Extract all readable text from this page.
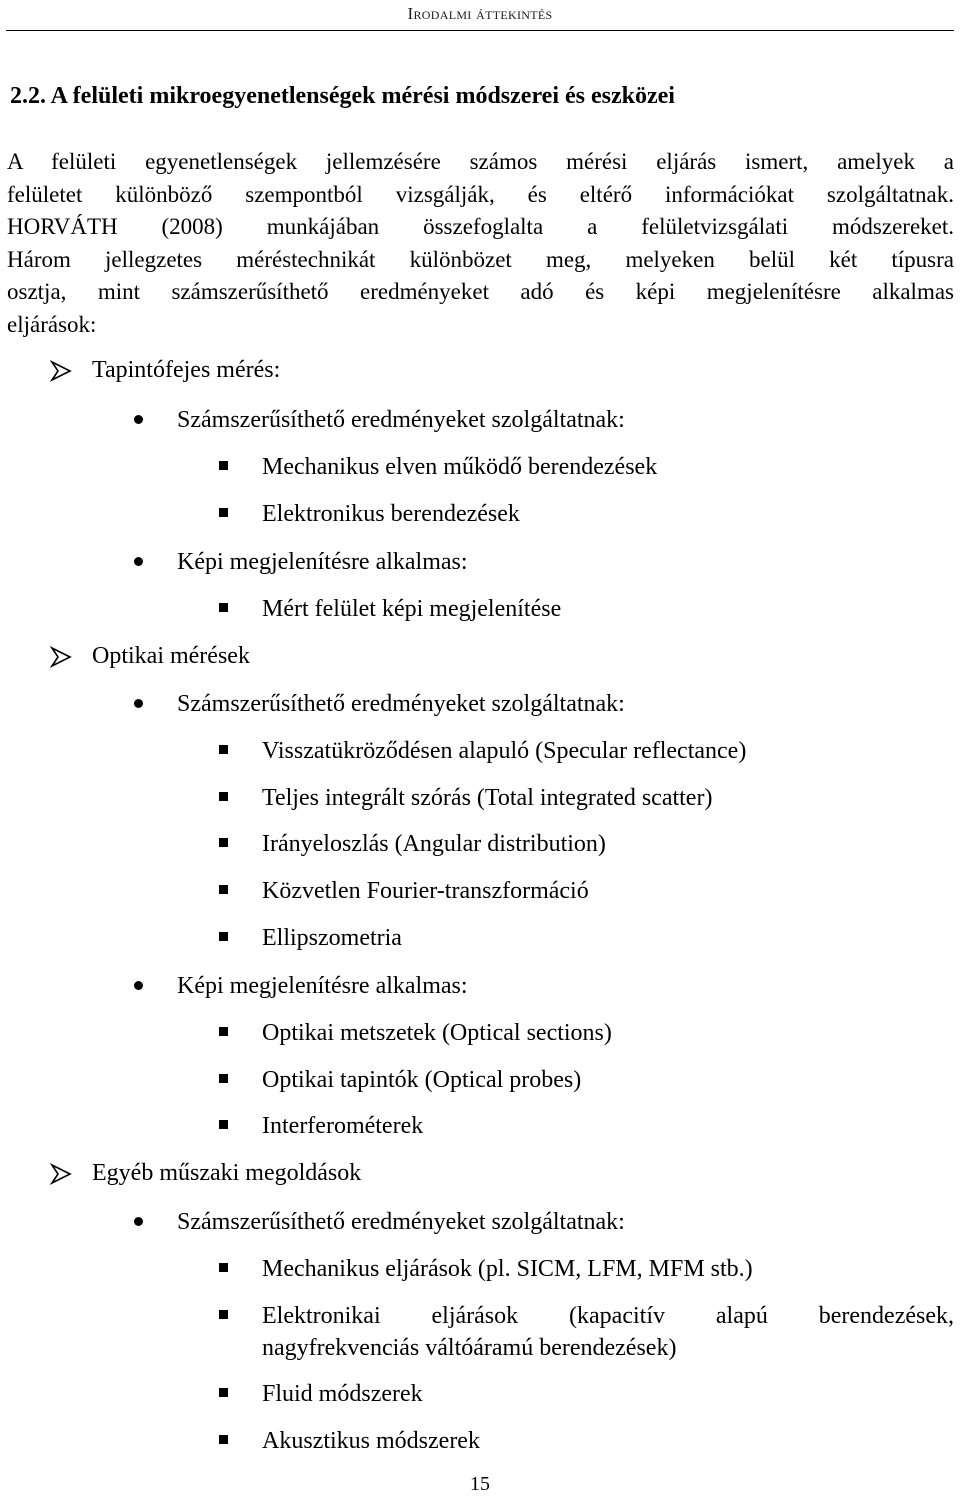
Irodalmi áttekintés
2.2. A felületi mikroegyenetlenségek mérési módszerei és eszközei
A felületi egyenetlenségek jellemzésére számos mérési eljárás ismert, amelyek a
felületet különböző szempontból vizsgálják, és eltérő információkat szolgáltatnak.
HORVÁTH (2008) munkájában összefoglalta a felületvizsgálati módszereket.
Három jellegzetes méréstechnikát különbözet meg, melyeken belül két típusra
osztja, mint számszerűsíthető eredményeket adó és képi megjelenítésre alkalmas
eljárások:
Tapintófejes mérés:
Számszerűsíthető eredményeket szolgáltatnak:
Mechanikus elven működő berendezések
Elektronikus berendezések
Képi megjelenítésre alkalmas:
Mért felület képi megjelenítése
Optikai mérések
Számszerűsíthető eredményeket szolgáltatnak:
Visszatükröződésen alapuló (Specular reflectance)
Teljes integrált szórás (Total integrated scatter)
Irányeloszlás (Angular distribution)
Közvetlen Fourier-transzformáció
Ellipszometria
Képi megjelenítésre alkalmas:
Optikai metszetek (Optical sections)
Optikai tapintók (Optical probes)
Interferométerek
Egyéb műszaki megoldások
Számszerűsíthető eredményeket szolgáltatnak:
Mechanikus eljárások (pl. SICM, LFM, MFM stb.)
Elektronikai eljárások (kapacitív alapú berendezések,
nagyfrekvenciás váltóáramú berendezések)
Fluid módszerek
Akusztikus módszerek
15
